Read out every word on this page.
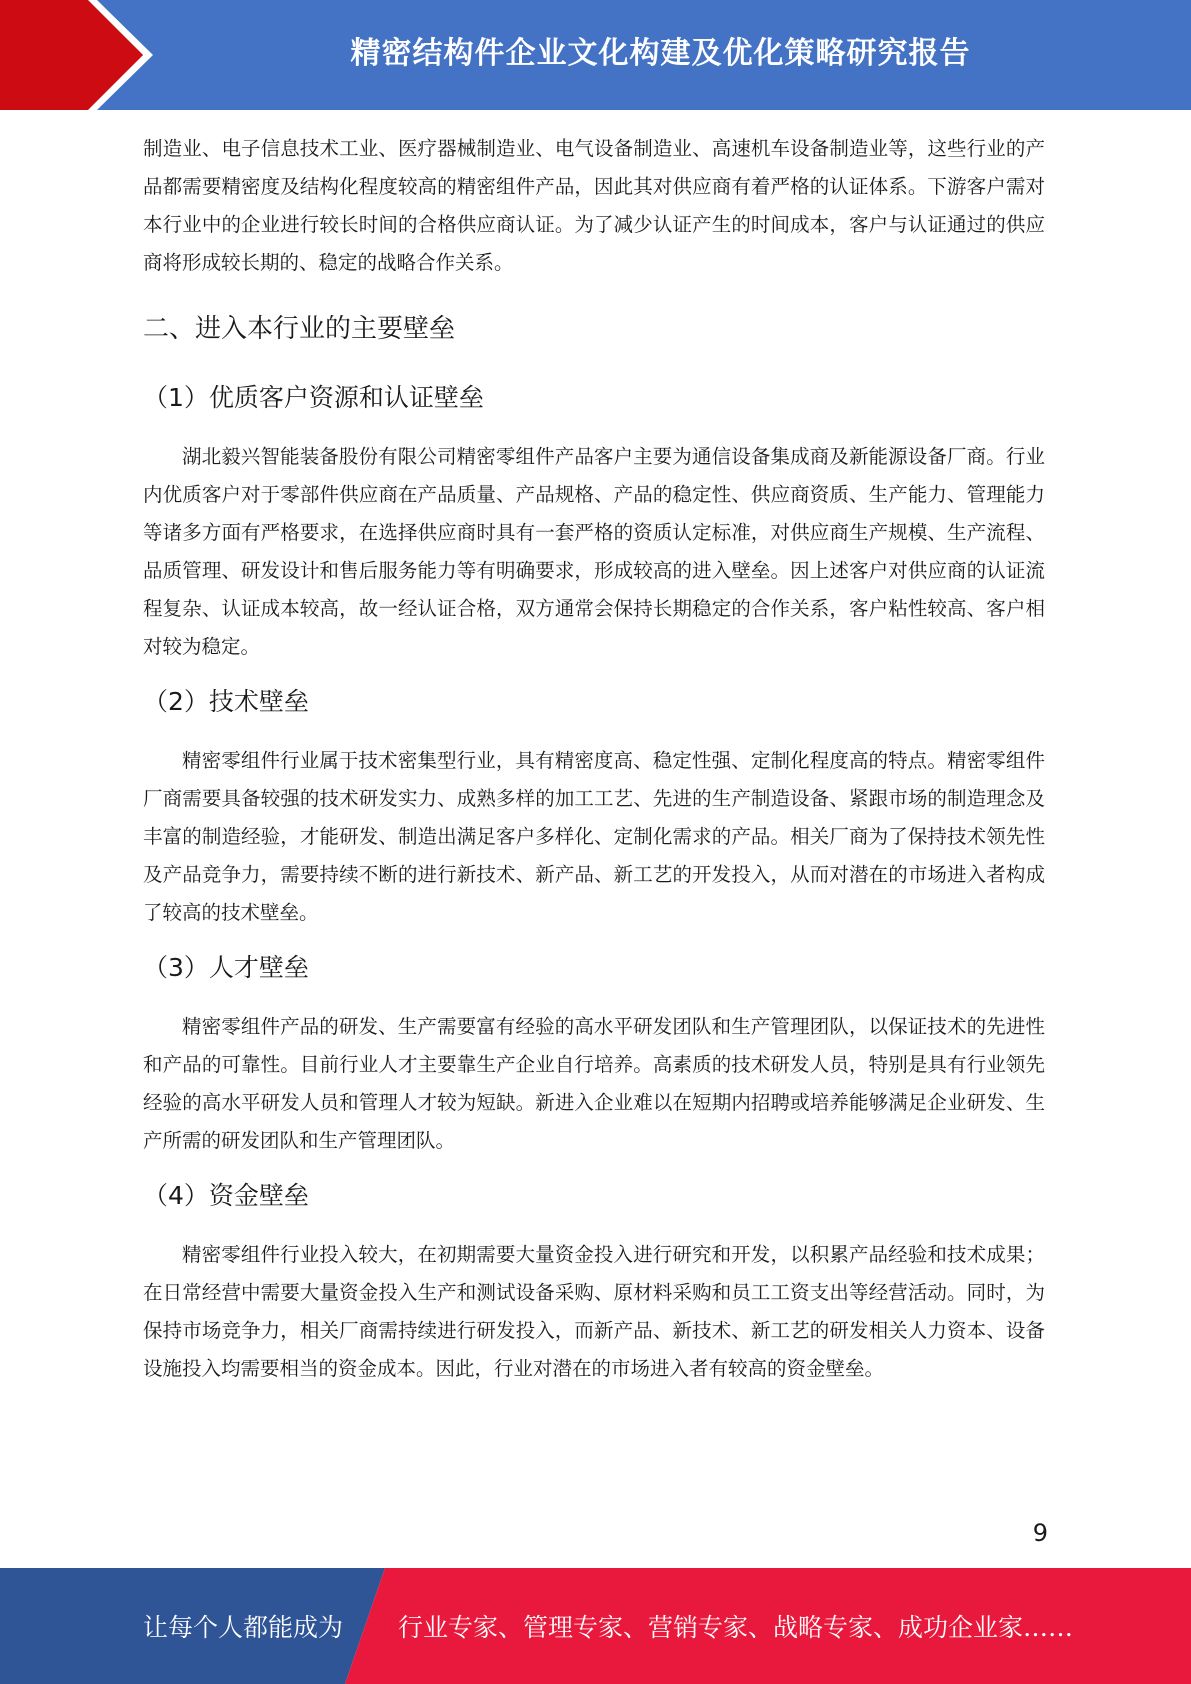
精密结构件企业文化构建及优化策略研究报告

制造业、电子信息技术工业、医疗器械制造业、电气设备制造业、高速机车设备制造业等，这些行业的产品都需要精密度及结构化程度较高的精密组件产品，因此其对供应商有着严格的认证体系。下游客户需对本行业中的企业进行较长时间的合格供应商认证。为了减少认证产生的时间成本，客户与认证通过的供应商将形成较长期的、稳定的战略合作关系。

二、进入本行业的主要壁垒
（1）优质客户资源和认证壁垒

湖北毅兴智能装备股份有限公司精密零组件产品客户主要为通信设备集成商及新能源设备厂商。行业内优质客户对于零部件供应商在产品质量、产品规格、产品的稳定性、供应商资质、生产能力、管理能力等诸多方面有严格要求，在选择供应商时具有一套严格的资质认定标准，对供应商生产规模、生产流程、品质管理、研发设计和售后服务能力等有明确要求，形成较高的进入壁垒。因上述客户对供应商的认证流程复杂、认证成本较高，故一经认证合格，双方通常会保持长期稳定的合作关系，客户粘性较高、客户相对较为稳定。

（2）技术壁垒

精密零组件行业属于技术密集型行业，具有精密度高、稳定性强、定制化程度高的特点。精密零组件厂商需要具备较强的技术研发实力、成熟多样的加工工艺、先进的生产制造设备、紧跟市场的制造理念及丰富的制造经验，才能研发、制造出满足客户多样化、定制化需求的产品。相关厂商为了保持技术领先性及产品竞争力，需要持续不断的进行新技术、新产品、新工艺的开发投入，从而对潜在的市场进入者构成了较高的技术壁垒。

（3）人才壁垒

精密零组件产品的研发、生产需要富有经验的高水平研发团队和生产管理团队，以保证技术的先进性和产品的可靠性。目前行业人才主要靠生产企业自行培养。高素质的技术研发人员，特别是具有行业领先经验的高水平研发人员和管理人才较为短缺。新进入企业难以在短期内招聘或培养能够满足企业研发、生产所需的研发团队和生产管理团队。

（4）资金壁垒

精密零组件行业投入较大，在初期需要大量资金投入进行研究和开发，以积累产品经验和技术成果；在日常经营中需要大量资金投入生产和测试设备采购、原材料采购和员工工资支出等经营活动。同时，为保持市场竞争力，相关厂商需持续进行研发投入，而新产品、新技术、新工艺的研发相关人力资本、设备设施投入均需要相当的资金成本。因此，行业对潜在的市场进入者有较高的资金壁垒。

9
让每个人都能成为 行业专家、管理专家、营销专家、战略专家、成功企业家……
